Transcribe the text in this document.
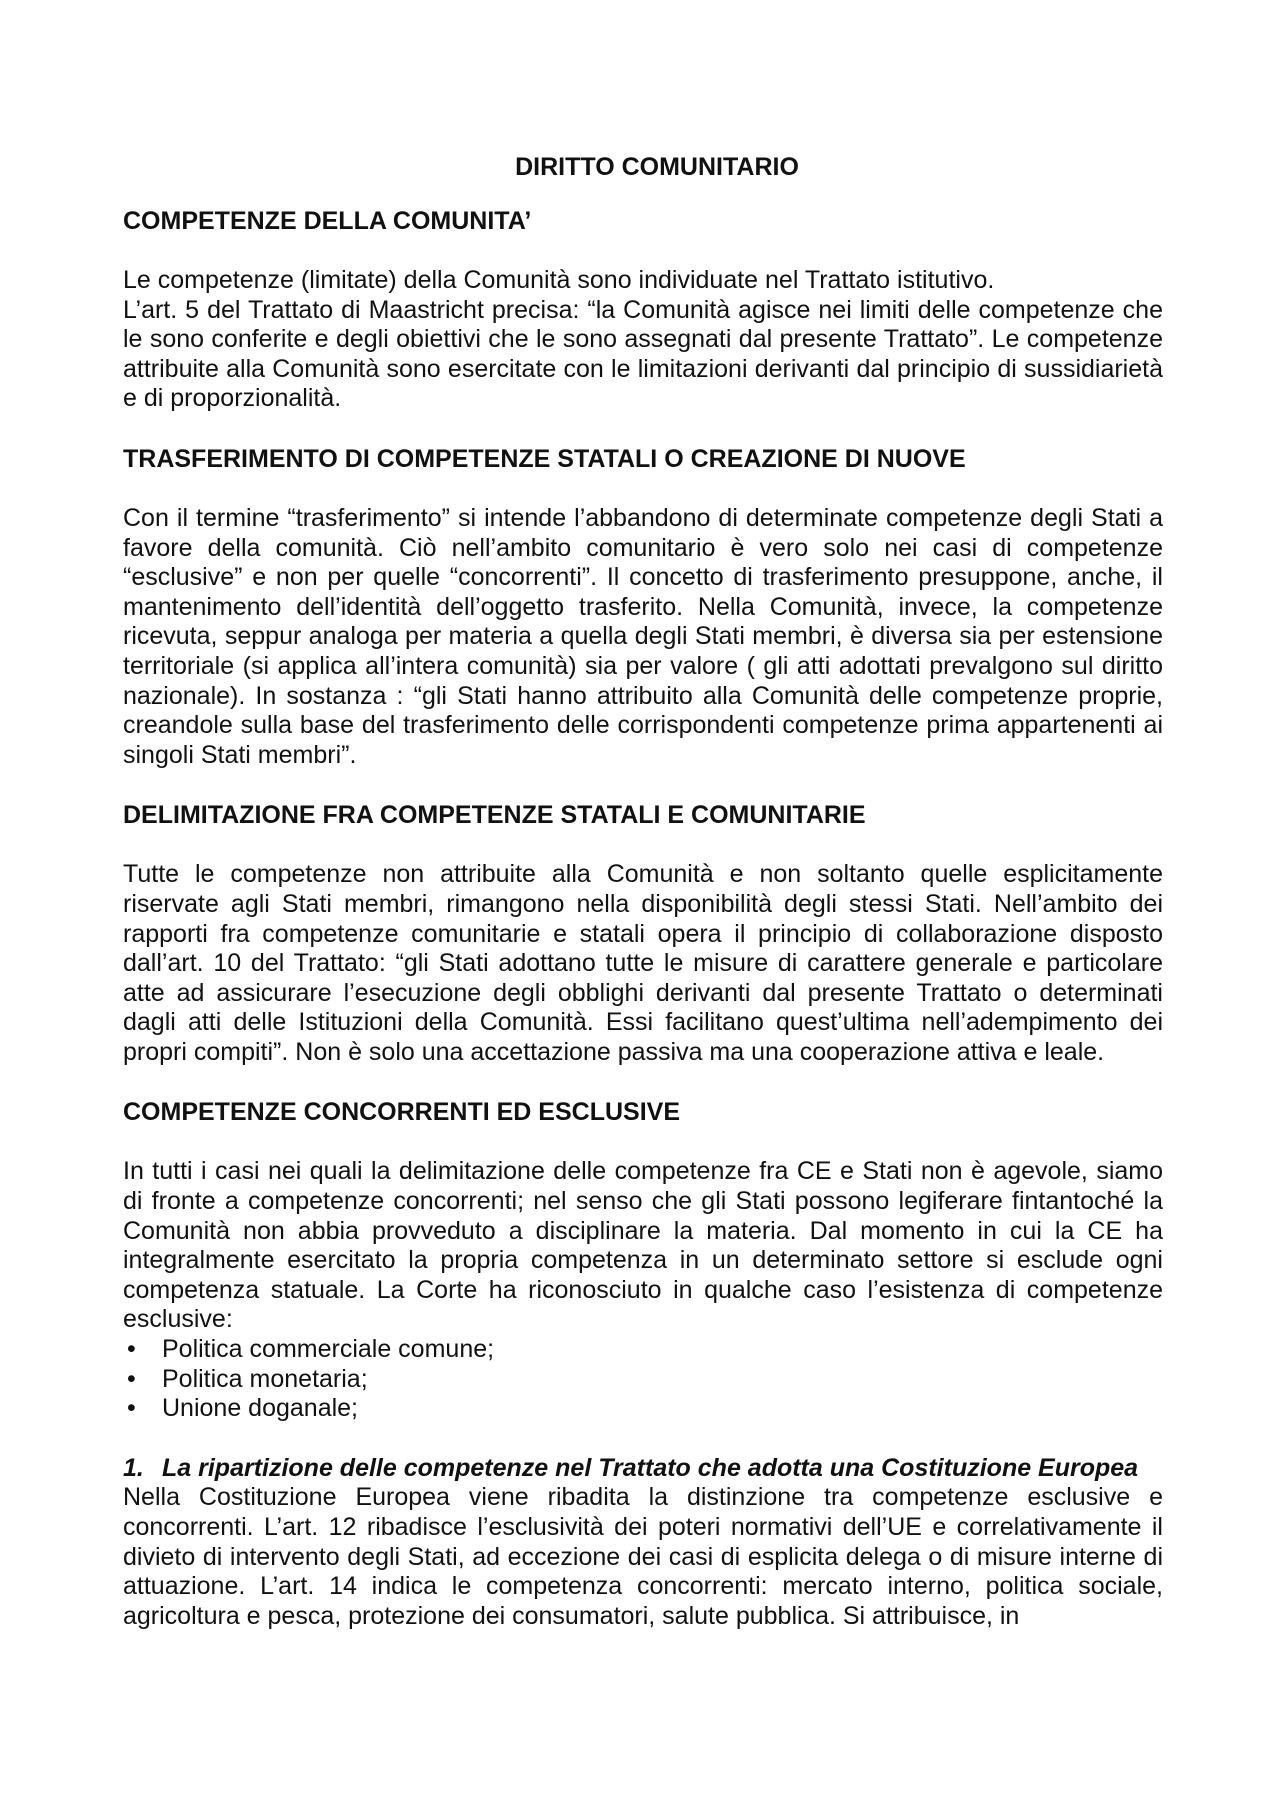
DIRITTO COMUNITARIO
COMPETENZE DELLA COMUNITA’

Le competenze (limitate) della Comunità sono individuate nel Trattato istitutivo.

L’art. 5 del Trattato di Maastricht precisa: “la Comunità agisce nei limiti delle competenze che le sono conferite e degli obiettivi che le sono assegnati dal presente Trattato”. Le competenze attribuite alla Comunità sono esercitate con le limitazioni derivanti dal principio di sussidiarietà e di proporzionalità.

TRASFERIMENTO DI COMPETENZE STATALI O CREAZIONE DI NUOVE

Con il termine “trasferimento” si intende l’abbandono di determinate competenze degli Stati a favore della comunità. Ciò nell’ambito comunitario è vero solo nei casi di competenze “esclusive” e non per quelle “concorrenti”. Il concetto di trasferimento presuppone, anche, il mantenimento dell’identità dell’oggetto trasferito. Nella Comunità, invece, la competenze ricevuta, seppur analoga per materia a quella degli Stati membri, è diversa sia per estensione territoriale (si applica all’intera comunità) sia per valore ( gli atti adottati prevalgono sul diritto nazionale). In sostanza : “gli Stati hanno attribuito alla Comunità delle competenze proprie, creandole sulla base del trasferimento delle corrispondenti competenze prima appartenenti ai singoli Stati membri”.

DELIMITAZIONE FRA COMPETENZE STATALI E COMUNITARIE

Tutte le competenze non attribuite alla Comunità e non soltanto quelle esplicitamente riservate agli Stati membri, rimangono nella disponibilità degli stessi Stati. Nell’ambito dei rapporti fra competenze comunitarie e statali opera il principio di collaborazione disposto dall’art. 10 del Trattato: “gli Stati adottano tutte le misure di carattere generale e particolare atte ad assicurare l’esecuzione degli obblighi derivanti dal presente Trattato o determinati dagli atti delle Istituzioni della Comunità. Essi facilitano quest’ultima nell’adempimento dei propri compiti”. Non è solo una accettazione passiva ma una cooperazione attiva e leale.

COMPETENZE CONCORRENTI ED ESCLUSIVE

In tutti i casi nei quali la delimitazione delle competenze fra CE e Stati non è agevole, siamo di fronte a competenze concorrenti; nel senso che gli Stati possono legiferare fintantoché la Comunità non abbia provveduto a disciplinare la materia. Dal momento in cui la CE ha integralmente esercitato la propria competenza in un determinato settore si esclude ogni competenza statuale. La Corte ha riconosciuto in qualche caso l’esistenza di competenze esclusive:

• Politica commerciale comune;
• Politica monetaria;
• Unione doganale;
1. La ripartizione delle competenze nel Trattato che adotta una Costituzione Europea

Nella Costituzione Europea viene ribadita la distinzione tra competenze esclusive e concorrenti. L’art. 12 ribadisce l’esclusività dei poteri normativi dell’UE e correlativamente il divieto di intervento degli Stati, ad eccezione dei casi di esplicita delega o di misure interne di attuazione. L’art. 14 indica le competenza concorrenti: mercato interno, politica sociale, agricoltura e pesca, protezione dei consumatori, salute pubblica. Si attribuisce, in
